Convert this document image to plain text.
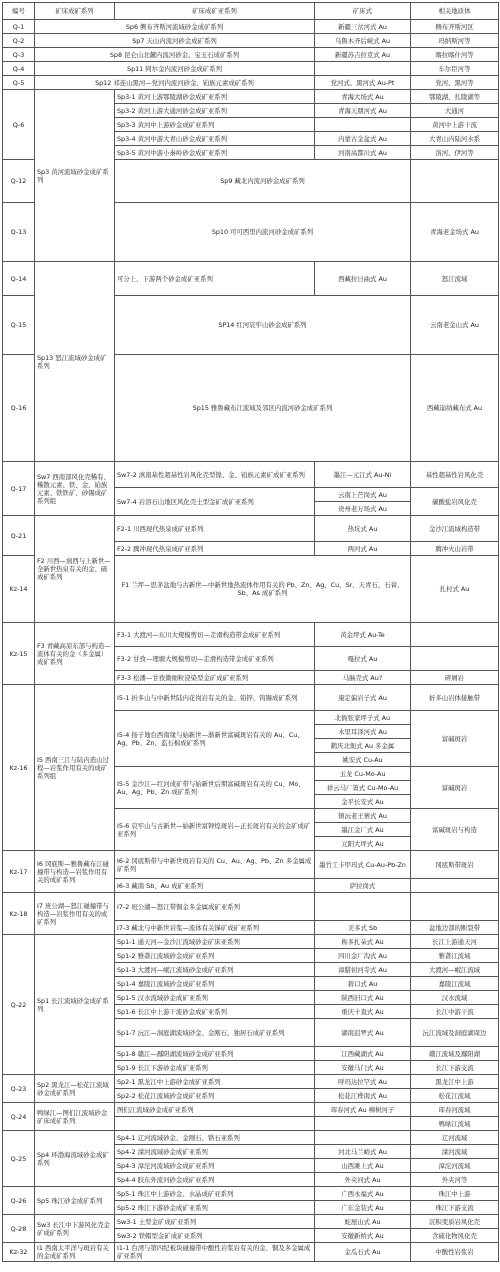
编号	矿床成矿系列	矿床成矿亚系列	矿床式	相关地质体	
Q-1	Sp6 侧布齐斯河流域砂金成矿系列		新疆三岔河式 Au	侧布齐斯河区	
Q-2	Sp7 天山内流河砂金成矿系列		乌鲁木齐后峡式 Au	玛纳斯河等	
Q-3	Sp8 昆仑山北麓内流河砂金、宝玉石成矿系列		新疆苏吉拉克式 Au	喀拉喀什河等	
Q-4	Sp11 阿尔金内流河砂金成矿系列			车尔臣河等	
Q-5	Sp12 祁连山黑河—党河内流河砂金、铂族元素成矿系列		党河式、黑河式 Au-Pt	党河、黑河等	
Q-6	Sp3 黄河流域砂金成矿系列	Sp3-1 黄河上游鄂陵湖砂金成矿亚系列	青海大场式 Au	鄂陵湖、扎陵湖等	
		Sp3-2 黄河上游大通河砂金成矿亚系列	青海天朋河式 Au	大通河	
		Sp3-3 黄河中上游砂金成矿亚系列		黄河中上游干流	
		Sp3-4 黄河中游大青山砂金成矿亚系列	内蒙古金盆式 Au	大青山内陆河水系	
		Sp3-5 黄河中游小秦岭砂金成矿亚系列	河南高都川式 Au	洛河、伊河等	
Q-12		Sp9 藏北内流河砂金成矿系列		
Q-13		Sp10 可可西里内流河砂金成矿系列		青海老金场式 Au	
Q-14	Sp13 怒江流域砂金成矿系列	可分上、下游两个砂金成矿亚系列	西藏拉日曲式 Au	怒江流域	
Q-15		SP14 红河哀牢山砂金成矿系列		云南老金山式 Au	
Q-16		Sp15 雅鲁藏布江流域及邻区内流河砂金成矿系列		西藏崩纳藏布式 Au	
Q-17	Sw7 西南部风化壳稀有、稀散元素、铁、金、铂族元素、铁铁矿、砂锡成矿系列组	Sw7-2 滇南基性超基性岩风化壳型镍、金、铂族元素矿成矿亚系列	墨江—元江式 Au-Ni	基性超基性岩风化壳	
		Sw7-4 岩溶石山地区风化壳土型金矿成矿亚系列	云南上芒岗式 Au	碳酸盐岩风化壳	
			贵州老万场式 Au		
Q-21	F2 川西—滇西与上新世—全新世热泉有关的金、硫成矿系列	F2-1 川西现代热泉成矿亚系列	热坑式 Au	金沙江流域构造带	
		F2-2 腾冲现代热泉成矿亚系列	两河式 Au	腾冲火山岩带	
Kz-14		F1 兰坪—思茅盆地与古新世—中新世地热流体作用有关的 Pb、Zn、Ag、Cu、Sr、天青石、石膏、Sb、As 成矿系列		扎村式 Au	
Kz-15	F3 青藏高原东部与构造—流体有关的金（多金属）成矿系列	F3-1 大渡河—东川大规模剪切—走滑构造带金成矿亚系列	黄金坪式 Au-Te		
		F3-2 甘孜—理塘大规模剪切—走滑构造带金成矿亚系列	嘎拉式 Au		
		F3-3 松潘—甘孜微细粒浸染型金矿成矿亚系列	马脑壳式 Au?	碎屑岩	
Kz-16	I5 西南三江与陆内造山过程—岩浆作用有关的成矿系列组	I5-1 折多山与中新世陆内花岗岩有关的金、铅锌、钨锡成矿系列	康定偏岩子式 Au	折多山岩体接触带	
		I5-4 扬子地台西南缘与始新世—渐新世富碱斑岩有关的 Au、Cu、Ag、Pb、Zn、监石棉成矿系列	北衙张家坪子式 Au	富碱斑岩	
			木里耳泽河式 Au		
			鹤庆北衙式 Au 多金属		
			姚安式 Cu-Au		
		I5-5 金沙江—红河成矿带与始新世后期富碱斑岩有关的 Cu、Mo、Au、Ag、Pb、Zn 成矿系列	玉龙 Cu-Mo-Au	富碱斑岩	
			祥云马厂箐式 Cu-Mo-Au		
			金平长安式 Au		
		I5-6 哀牢山与古新世—始新世富钾煌斑岩—正长斑岩有关的金矿成矿亚系列	镇沅老王寨式 Au	富碱斑岩与构造	
			墨江金厂式 Au		
			元阳大坪式 Au		
Kz-17	I6 冈底斯—雅鲁藏布江碰撞带与构造—岩浆作用有关的成矿系列	I6-2 冈底斯带与中新世斑岩有关的 Cu、Au、Ag、Pb、Zn 多金属成矿系列	墨竹工卡甲玛式 Cu-Au-Pb-Zn	冈底斯带斑岩	
		I6-3 藏南 Sb、Au 成矿亚系列	萨拉岗式		
Kz-18	I7 班公湖—怒江碰撞带与构造—岩浆作用有关的成矿系列	I7-2 班公湖—怒江带铜金多金属成矿亚系列			
		I7-3 藏北与中新世岩浆—流体有关锑矿成矿亚系列	美多式 Sb	盆地边部的断裂带	
Q-22	Sp1 长江流域砂金成矿系列	Sp1-1 通天河—金沙江流域砂金矿床亚系列	称多扎朵式 Au	长江上游通天河	
		Sp1-2 雅砻江流域砂金成矿亚系列	四川金厂沟式 Au	雅砻江流域	
		Sp1-3 大渡河—岷江流域砂金成矿亚系列	漳腊初河寺式 Au	大渡河—岷江流域	
		Sp1-4 嘉陵江流域砂金成矿亚系列	碧口式 Au	嘉陵江流域	
		Sp1-5 汉水流域砂金成矿亚系列	陕西旧口式 Au	汉水流域	
		Sp1-6 长江中上游干流砂金成矿亚系列	重庆十直式 Au	长江中游干流	
		Sp1-7 沅江—洞庭湖流域砂金、金刚石、独居石成矿亚系列	湖南沮罗式 Au	沅江流域及洞庭湖周边	
		Sp1-8 赣江—鄱阳湖流域砂金成矿亚系列	江西藏湖式 Au	赣江流域及鄱阳湖	
		Sp1-9 长江下游砂金成矿亚系列	安徽马门式 Au	长江下游支流	
Q-23	Sp2 黑龙江—松花江流域砂金成矿系列	Sp2-1 黑龙江中上游砂金成矿亚系列	呼玛达拉罕式 Au	黑龙江中上游	
		Sp2-2 松花江流域砂金成矿亚系列	松花江桦南式 Au	松花江流域	
Q-24	鸭绿江—图们江流域砂金矿床成矿系列	图们江流域砂金成矿亚系列	珲春河式 Au 柳树河子	珲春河流域	
				鸭绿江流域	
Q-25	Sp4 环渤海流域砂金成矿系列	Sp4-1 辽河流域砂金、金刚石、锆石亚系列		辽河流域	
		Sp4-2 滦河流域砂金成矿亚系列	河北马兰峪式 Au	滦河流域	
		Sp4-3 漳沱河流域砂金成矿亚系列	山西滩上式 Au	漳沱河流域	
		Sp4-4 胶东外流河砂金成矿亚系列	外夹河式 Au	外夹河等	
Q-26	Sp5 珠江砂金成矿系列	Sp5-1 珠江中上游砂金、水晶成矿亚系列	广西永福式 Au	珠江中上游	
		Sp5-2 珠江下游砂金成矿亚系列	广东金装式 Au	珠江下游支流	
Q-28	Sw3 长江中下游风化壳金矿成矿系列	Sw3-1 土型金矿成矿亚系列	蛇屋山式 Au	沉积变质岩风化壳	
		Sw3-2 铁帽型金矿成矿亚系列	安徽新桥式 Au	含硫化物风化壳	
Kz-32	I1 西南太平洋与斑岩有关的金成矿系列	I1-1 台湾与第四纪板块碰撞带中酸性岩浆岩有关的金、铜及多金属成矿亚系列	金瓜石式 Au	中酸性岩浆岩	
